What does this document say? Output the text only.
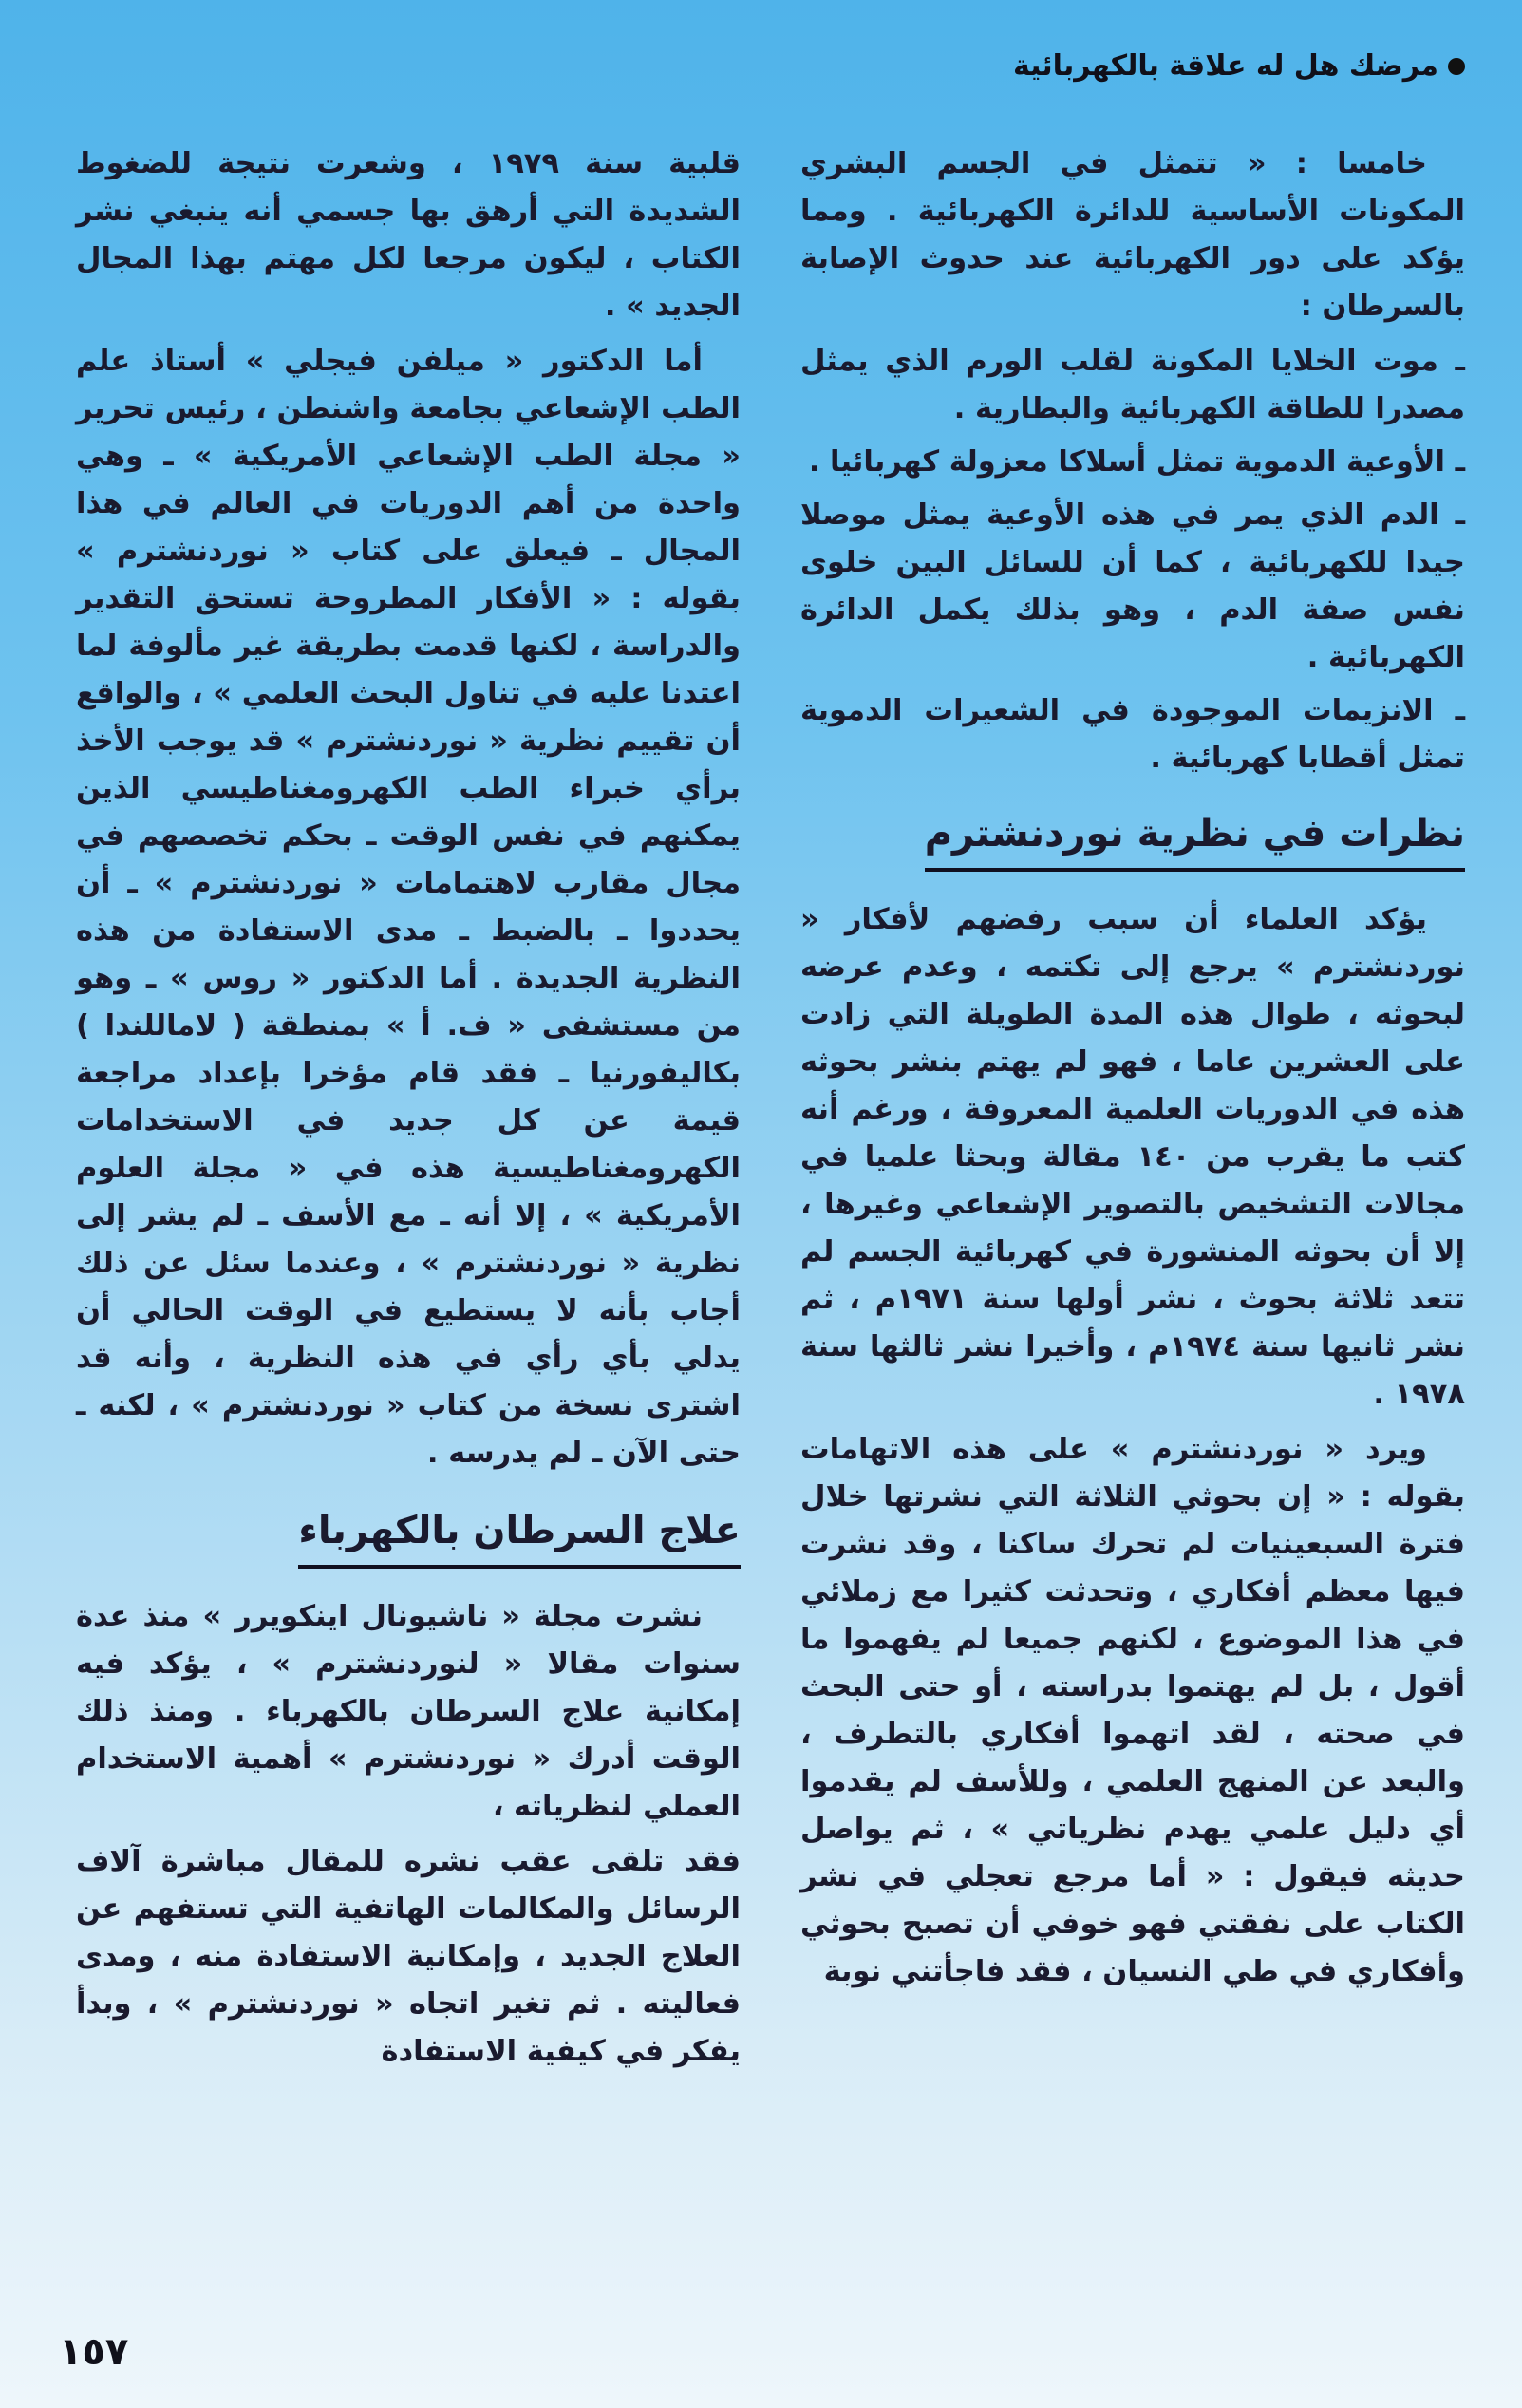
مرضك هل له علاقة بالكهربائية

خامسا : « تتمثل في الجسم البشري المكونات الأساسية للدائرة الكهربائية . ومما يؤكد على دور الكهربائية عند حدوث الإصابة بالسرطان :

ـ موت الخلايا المكونة لقلب الورم الذي يمثل مصدرا للطاقة الكهربائية والبطارية .

ـ الأوعية الدموية تمثل أسلاكا معزولة كهربائيا .

ـ الدم الذي يمر في هذه الأوعية يمثل موصلا جيدا للكهربائية ، كما أن للسائل البين خلوى نفس صفة الدم ، وهو بذلك يكمل الدائرة الكهربائية .

ـ الانزيمات الموجودة في الشعيرات الدموية تمثل أقطابا كهربائية .

نظرات في نظرية نوردنشترم

يؤكد العلماء أن سبب رفضهم لأفكار « نوردنشترم » يرجع إلى تكتمه ، وعدم عرضه لبحوثه ، طوال هذه المدة الطويلة التي زادت على العشرين عاما ، فهو لم يهتم بنشر بحوثه هذه في الدوريات العلمية المعروفة ، ورغم أنه كتب ما يقرب من ١٤٠ مقالة وبحثا علميا في مجالات التشخيص بالتصوير الإشعاعي وغيرها ، إلا أن بحوثه المنشورة في كهربائية الجسم لم تتعد ثلاثة بحوث ، نشر أولها سنة ١٩٧١م ، ثم نشر ثانيها سنة ١٩٧٤م ، وأخيرا نشر ثالثها سنة ١٩٧٨ .

ويرد « نوردنشترم » على هذه الاتهامات بقوله : « إن بحوثي الثلاثة التي نشرتها خلال فترة السبعينيات لم تحرك ساكنا ، وقد نشرت فيها معظم أفكاري ، وتحدثت كثيرا مع زملائي في هذا الموضوع ، لكنهم جميعا لم يفهموا ما أقول ، بل لم يهتموا بدراسته ، أو حتى البحث في صحته ، لقد اتهموا أفكاري بالتطرف ، والبعد عن المنهج العلمي ، وللأسف لم يقدموا أي دليل علمي يهدم نظرياتي » ، ثم يواصل حديثه فيقول : « أما مرجع تعجلي في نشر الكتاب على نفقتي فهو خوفي أن تصبح بحوثي وأفكاري في طي النسيان ، فقد فاجأتني نوبة

قلبية سنة ١٩٧٩ ، وشعرت نتيجة للضغوط الشديدة التي أرهق بها جسمي أنه ينبغي نشر الكتاب ، ليكون مرجعا لكل مهتم بهذا المجال الجديد » .

أما الدكتور « ميلفن فيجلي » أستاذ علم الطب الإشعاعي بجامعة واشنطن ، رئيس تحرير « مجلة الطب الإشعاعي الأمريكية » ـ وهي واحدة من أهم الدوريات في العالم في هذا المجال ـ فيعلق على كتاب « نوردنشترم » بقوله : « الأفكار المطروحة تستحق التقدير والدراسة ، لكنها قدمت بطريقة غير مألوفة لما اعتدنا عليه في تناول البحث العلمي » ، والواقع أن تقييم نظرية « نوردنشترم » قد يوجب الأخذ برأي خبراء الطب الكهرومغناطيسي الذين يمكنهم في نفس الوقت ـ بحكم تخصصهم في مجال مقارب لاهتمامات « نوردنشترم » ـ أن يحددوا ـ بالضبط ـ مدى الاستفادة من هذه النظرية الجديدة . أما الدكتور « روس » ـ وهو من مستشفى « ف. أ » بمنطقة ( لاماللندا ) بكاليفورنيا ـ فقد قام مؤخرا بإعداد مراجعة قيمة عن كل جديد في الاستخدامات الكهرومغناطيسية هذه في « مجلة العلوم الأمريكية » ، إلا أنه ـ مع الأسف ـ لم يشر إلى نظرية « نوردنشترم » ، وعندما سئل عن ذلك أجاب بأنه لا يستطيع في الوقت الحالي أن يدلي بأي رأي في هذه النظرية ، وأنه قد اشترى نسخة من كتاب « نوردنشترم » ، لكنه ـ حتى الآن ـ لم يدرسه .

علاج السرطان بالكهرباء

نشرت مجلة « ناشيونال اينكويرر » منذ عدة سنوات مقالا « لنوردنشترم » ، يؤكد فيه إمكانية علاج السرطان بالكهرباء . ومنذ ذلك الوقت أدرك « نوردنشترم » أهمية الاستخدام العملي لنظرياته ،

فقد تلقى عقب نشره للمقال مباشرة آلاف الرسائل والمكالمات الهاتفية التي تستفهم عن العلاج الجديد ، وإمكانية الاستفادة منه ، ومدى فعاليته . ثم تغير اتجاه « نوردنشترم » ، وبدأ يفكر في كيفية الاستفادة

١٥٧
